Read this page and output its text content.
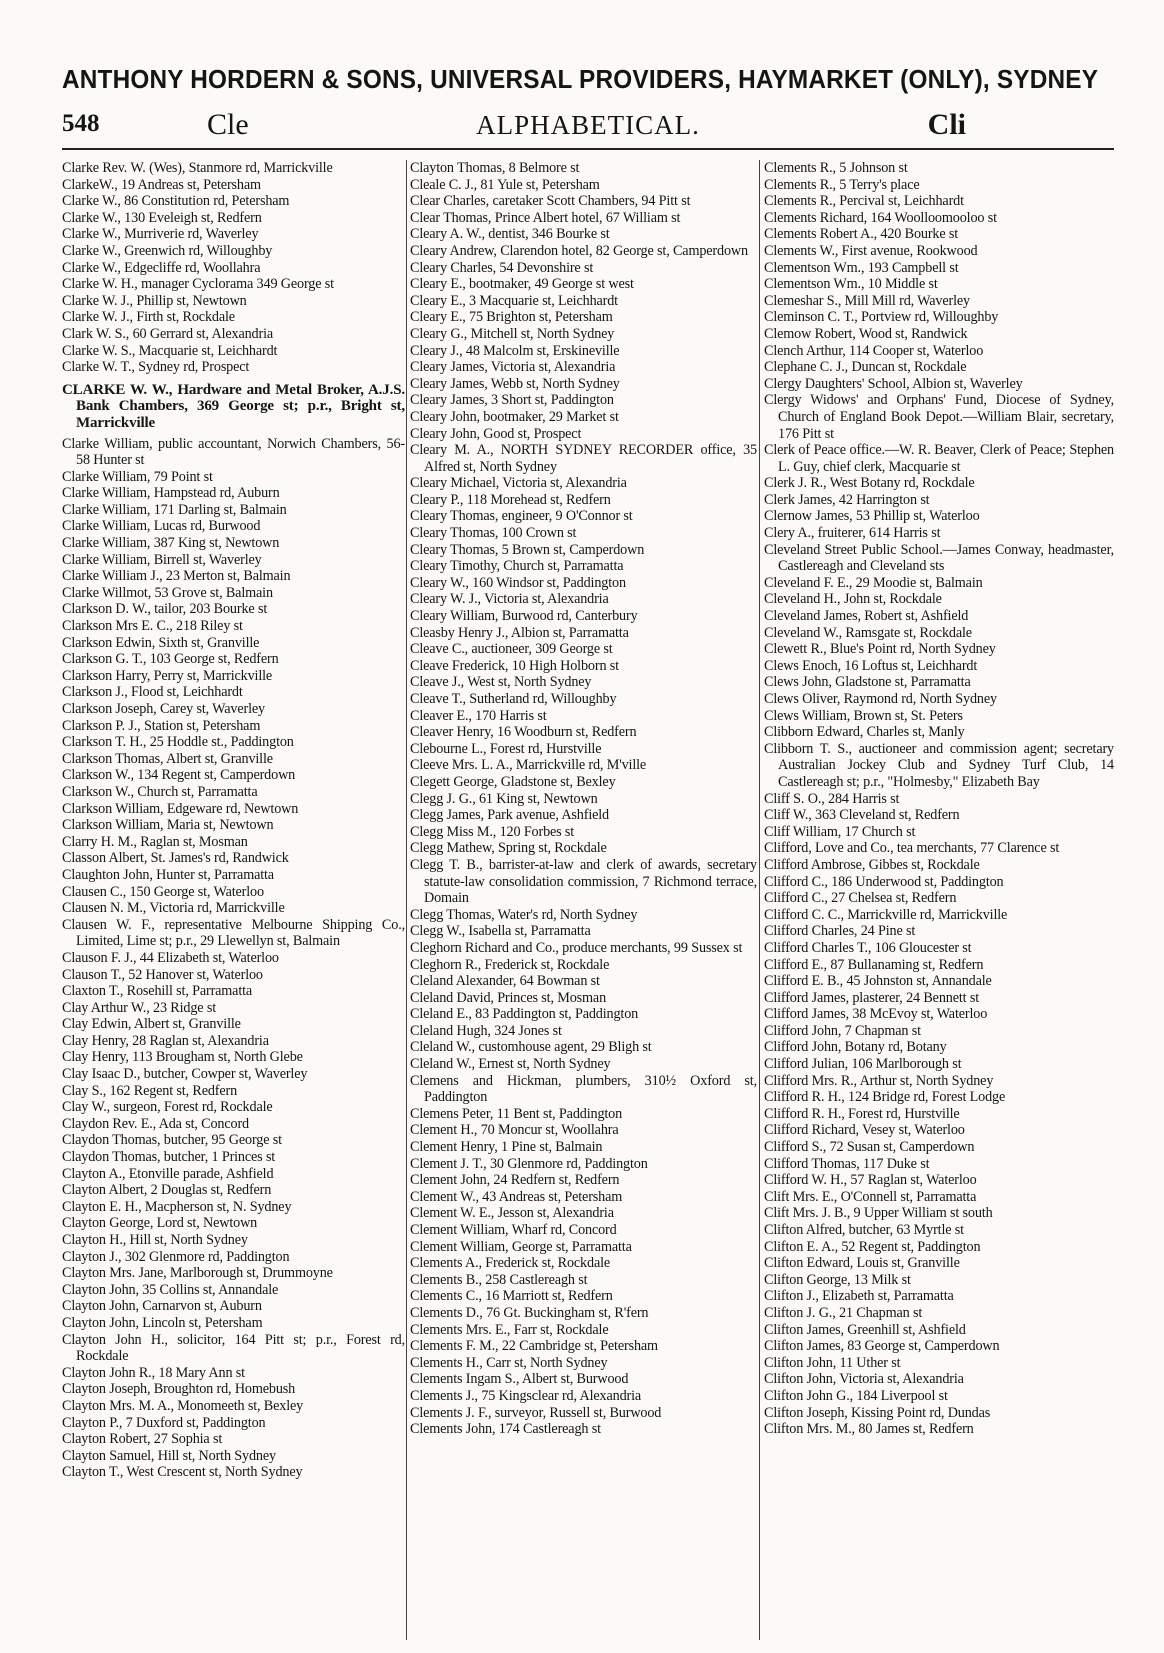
ANTHONY HORDERN & SONS, UNIVERSAL PROVIDERS, HAYMARKET (ONLY), SYDNEY
548	Cle	ALPHABETICAL.	Cli
Clarke Rev. W. (Wes), Stanmore rd, Marrickville
ClarkeW., 19 Andreas st, Petersham
Clarke W., 86 Constitution rd, Petersham
Clarke W., 130 Eveleigh st, Redfern
Clarke W., Murriverie rd, Waverley
Clarke W., Greenwich rd, Willoughby
Clarke W., Edgecliffe rd, Woollahra
Clarke W. H., manager Cyclorama 349 George st
Clarke W. J., Phillip st, Newtown
Clarke W. J., Firth st, Rockdale
Clark W. S., 60 Gerrard st, Alexandria
Clarke W. S., Macquarie st, Leichhardt
Clarke W. T., Sydney rd, Prospect
CLARKE W. W., Hardware and Metal Broker, A.J.S. Bank Chambers, 369 George st; p.r., Bright st, Marrickville
Clarke William, public accountant, Norwich Chambers, 56-58 Hunter st
Clarke William, 79 Point st
Clarke William, Hampstead rd, Auburn
Clarke William, 171 Darling st, Balmain
Clarke William, Lucas rd, Burwood
Clarke William, 387 King st, Newtown
Clarke William, Birrell st, Waverley
Clarke William J., 23 Merton st, Balmain
Clarke Willmot, 53 Grove st, Balmain
Clarkson D. W., tailor, 203 Bourke st
Clarkson Mrs E. C., 218 Riley st
Clarkson Edwin, Sixth st, Granville
Clarkson G. T., 103 George st, Redfern
Clarkson Harry, Perry st, Marrickville
Clarkson J., Flood st, Leichhardt
Clarkson Joseph, Carey st, Waverley
Clarkson P. J., Station st, Petersham
Clarkson T. H., 25 Hoddle st., Paddington
Clarkson Thomas, Albert st, Granville
Clarkson W., 134 Regent st, Camperdown
Clarkson W., Church st, Parramatta
Clarkson William, Edgeware rd, Newtown
Clarkson William, Maria st, Newtown
Clarry H. M., Raglan st, Mosman
Classon Albert, St. James's rd, Randwick
Claughton John, Hunter st, Parramatta
Clausen C., 150 George st, Waterloo
Clausen N. M., Victoria rd, Marrickville
Clausen W. F., representative Melbourne Shipping Co., Limited, Lime st; p.r., 29 Llewellyn st, Balmain
Clauson F. J., 44 Elizabeth st, Waterloo
Clauson T., 52 Hanover st, Waterloo
Claxton T., Rosehill st, Parramatta
Clay Arthur W., 23 Ridge st
Clay Edwin, Albert st, Granville
Clay Henry, 28 Raglan st, Alexandria
Clay Henry, 113 Brougham st, North Glebe
Clay Isaac D., butcher, Cowper st, Waverley
Clay S., 162 Regent st, Redfern
Clay W., surgeon, Forest rd, Rockdale
Claydon Rev. E., Ada st, Concord
Claydon Thomas, butcher, 95 George st
Claydon Thomas, butcher, 1 Princes st
Clayton A., Etonville parade, Ashfield
Clayton Albert, 2 Douglas st, Redfern
Clayton E. H., Macpherson st, N. Sydney
Clayton George, Lord st, Newtown
Clayton H., Hill st, North Sydney
Clayton J., 302 Glenmore rd, Paddington
Clayton Mrs. Jane, Marlborough st, Drummoyne
Clayton John, 35 Collins st, Annandale
Clayton John, Carnarvon st, Auburn
Clayton John, Lincoln st, Petersham
Clayton John H., solicitor, 164 Pitt st; p.r., Forest rd, Rockdale
Clayton John R., 18 Mary Ann st
Clayton Joseph, Broughton rd, Homebush
Clayton Mrs. M. A., Monomeeth st, Bexley
Clayton P., 7 Duxford st, Paddington
Clayton Robert, 27 Sophia st
Clayton Samuel, Hill st, North Sydney
Clayton T., West Crescent st, North Sydney
Clayton Thomas, 8 Belmore st
Cleale C. J., 81 Yule st, Petersham
Clear Charles, caretaker Scott Chambers, 94 Pitt st
Clear Thomas, Prince Albert hotel, 67 William st
Cleary A. W., dentist, 346 Bourke st
Cleary Andrew, Clarendon hotel, 82 George st, Camperdown
Cleary Charles, 54 Devonshire st
Cleary E., bootmaker, 49 George st west
Cleary E., 3 Macquarie st, Leichhardt
Cleary E., 75 Brighton st, Petersham
Cleary G., Mitchell st, North Sydney
Cleary J., 48 Malcolm st, Erskineville
Cleary James, Victoria st, Alexandria
Cleary James, Webb st, North Sydney
Cleary James, 3 Short st, Paddington
Cleary John, bootmaker, 29 Market st
Cleary John, Good st, Prospect
Cleary M. A., NORTH SYDNEY RECORDER office, 35 Alfred st, North Sydney
Cleary Michael, Victoria st, Alexandria
Cleary P., 118 Morehead st, Redfern
Cleary Thomas, engineer, 9 O'Connor st
Cleary Thomas, 100 Crown st
Cleary Thomas, 5 Brown st, Camperdown
Cleary Timothy, Church st, Parramatta
Cleary W., 160 Windsor st, Paddington
Cleary W. J., Victoria st, Alexandria
Cleary William, Burwood rd, Canterbury
Cleasby Henry J., Albion st, Parramatta
Cleave C., auctioneer, 309 George st
Cleave Frederick, 10 High Holborn st
Cleave J., West st, North Sydney
Cleave T., Sutherland rd, Willoughby
Cleaver E., 170 Harris st
Cleaver Henry, 16 Woodburn st, Redfern
Clebourne L., Forest rd, Hurstville
Cleeve Mrs. L. A., Marrickville rd, M'ville
Clegett George, Gladstone st, Bexley
Clegg J. G., 61 King st, Newtown
Clegg James, Park avenue, Ashfield
Clegg Miss M., 120 Forbes st
Clegg Mathew, Spring st, Rockdale
Clegg T. B., barrister-at-law and clerk of awards, secretary statute-law consolidation commission, 7 Richmond terrace, Domain
Clegg Thomas, Water's rd, North Sydney
Clegg W., Isabella st, Parramatta
Cleghorn Richard and Co., produce merchants, 99 Sussex st
Cleghorn R., Frederick st, Rockdale
Cleland Alexander, 64 Bowman st
Cleland David, Princes st, Mosman
Cleland E., 83 Paddington st, Paddington
Cleland Hugh, 324 Jones st
Cleland W., customhouse agent, 29 Bligh st
Cleland W., Ernest st, North Sydney
Clemens and Hickman, plumbers, 310½ Oxford st, Paddington
Clemens Peter, 11 Bent st, Paddington
Clement H., 70 Moncur st, Woollahra
Clement Henry, 1 Pine st, Balmain
Clement J. T., 30 Glenmore rd, Paddington
Clement John, 24 Redfern st, Redfern
Clement W., 43 Andreas st, Petersham
Clement W. E., Jesson st, Alexandria
Clement William, Wharf rd, Concord
Clement William, George st, Parramatta
Clements A., Frederick st, Rockdale
Clements B., 258 Castlereagh st
Clements C., 16 Marriott st, Redfern
Clements D., 76 Gt. Buckingham st, R'fern
Clements Mrs. E., Farr st, Rockdale
Clements F. M., 22 Cambridge st, Petersham
Clements H., Carr st, North Sydney
Clements Ingam S., Albert st, Burwood
Clements J., 75 Kingsclear rd, Alexandria
Clements J. F., surveyor, Russell st, Burwood
Clements John, 174 Castlereagh st
Clements R., 5 Johnson st
Clements R., 5 Terry's place
Clements R., Percival st, Leichhardt
Clements Richard, 164 Woolloomooloo st
Clements Robert A., 420 Bourke st
Clements W., First avenue, Rookwood
Clementson Wm., 193 Campbell st
Clementson Wm., 10 Middle st
Clemeshar S., Mill Mill rd, Waverley
Cleminson C. T., Portview rd, Willoughby
Clemow Robert, Wood st, Randwick
Clench Arthur, 114 Cooper st, Waterloo
Clephane C. J., Duncan st, Rockdale
Clergy Daughters' School, Albion st, Waverley
Clergy Widows' and Orphans' Fund, Diocese of Sydney, Church of England Book Depot.—William Blair, secretary, 176 Pitt st
Clerk of Peace office.—W. R. Beaver, Clerk of Peace; Stephen L. Guy, chief clerk, Macquarie st
Clerk J. R., West Botany rd, Rockdale
Clerk James, 42 Harrington st
Clernow James, 53 Phillip st, Waterloo
Clery A., fruiterer, 614 Harris st
Cleveland Street Public School.—James Conway, headmaster, Castlereagh and Cleveland sts
Cleveland F. E., 29 Moodie st, Balmain
Cleveland H., John st, Rockdale
Cleveland James, Robert st, Ashfield
Cleveland W., Ramsgate st, Rockdale
Clewett R., Blue's Point rd, North Sydney
Clews Enoch, 16 Loftus st, Leichhardt
Clews John, Gladstone st, Parramatta
Clews Oliver, Raymond rd, North Sydney
Clews William, Brown st, St. Peters
Clibborn Edward, Charles st, Manly
Clibborn T. S., auctioneer and commission agent; secretary Australian Jockey Club and Sydney Turf Club, 14 Castlereagh st; p.r., "Holmesby," Elizabeth Bay
Cliff S. O., 284 Harris st
Cliff W., 363 Cleveland st, Redfern
Cliff William, 17 Church st
Clifford, Love and Co., tea merchants, 77 Clarence st
Clifford Ambrose, Gibbes st, Rockdale
Clifford C., 186 Underwood st, Paddington
Clifford C., 27 Chelsea st, Redfern
Clifford C. C., Marrickville rd, Marrickville
Clifford Charles, 24 Pine st
Clifford Charles T., 106 Gloucester st
Clifford E., 87 Bullanaming st, Redfern
Clifford E. B., 45 Johnston st, Annandale
Clifford James, plasterer, 24 Bennett st
Clifford James, 38 McEvoy st, Waterloo
Clifford John, 7 Chapman st
Clifford John, Botany rd, Botany
Clifford Julian, 106 Marlborough st
Clifford Mrs. R., Arthur st, North Sydney
Clifford R. H., 124 Bridge rd, Forest Lodge
Clifford R. H., Forest rd, Hurstville
Clifford Richard, Vesey st, Waterloo
Clifford S., 72 Susan st, Camperdown
Clifford Thomas, 117 Duke st
Clifford W. H., 57 Raglan st, Waterloo
Clift Mrs. E., O'Connell st, Parramatta
Clift Mrs. J. B., 9 Upper William st south
Clifton Alfred, butcher, 63 Myrtle st
Clifton E. A., 52 Regent st, Paddington
Clifton Edward, Louis st, Granville
Clifton George, 13 Milk st
Clifton J., Elizabeth st, Parramatta
Clifton J. G., 21 Chapman st
Clifton James, Greenhill st, Ashfield
Clifton James, 83 George st, Camperdown
Clifton John, 11 Uther st
Clifton John, Victoria st, Alexandria
Clifton John G., 184 Liverpool st
Clifton Joseph, Kissing Point rd, Dundas
Clifton Mrs. M., 80 James st, Redfern
